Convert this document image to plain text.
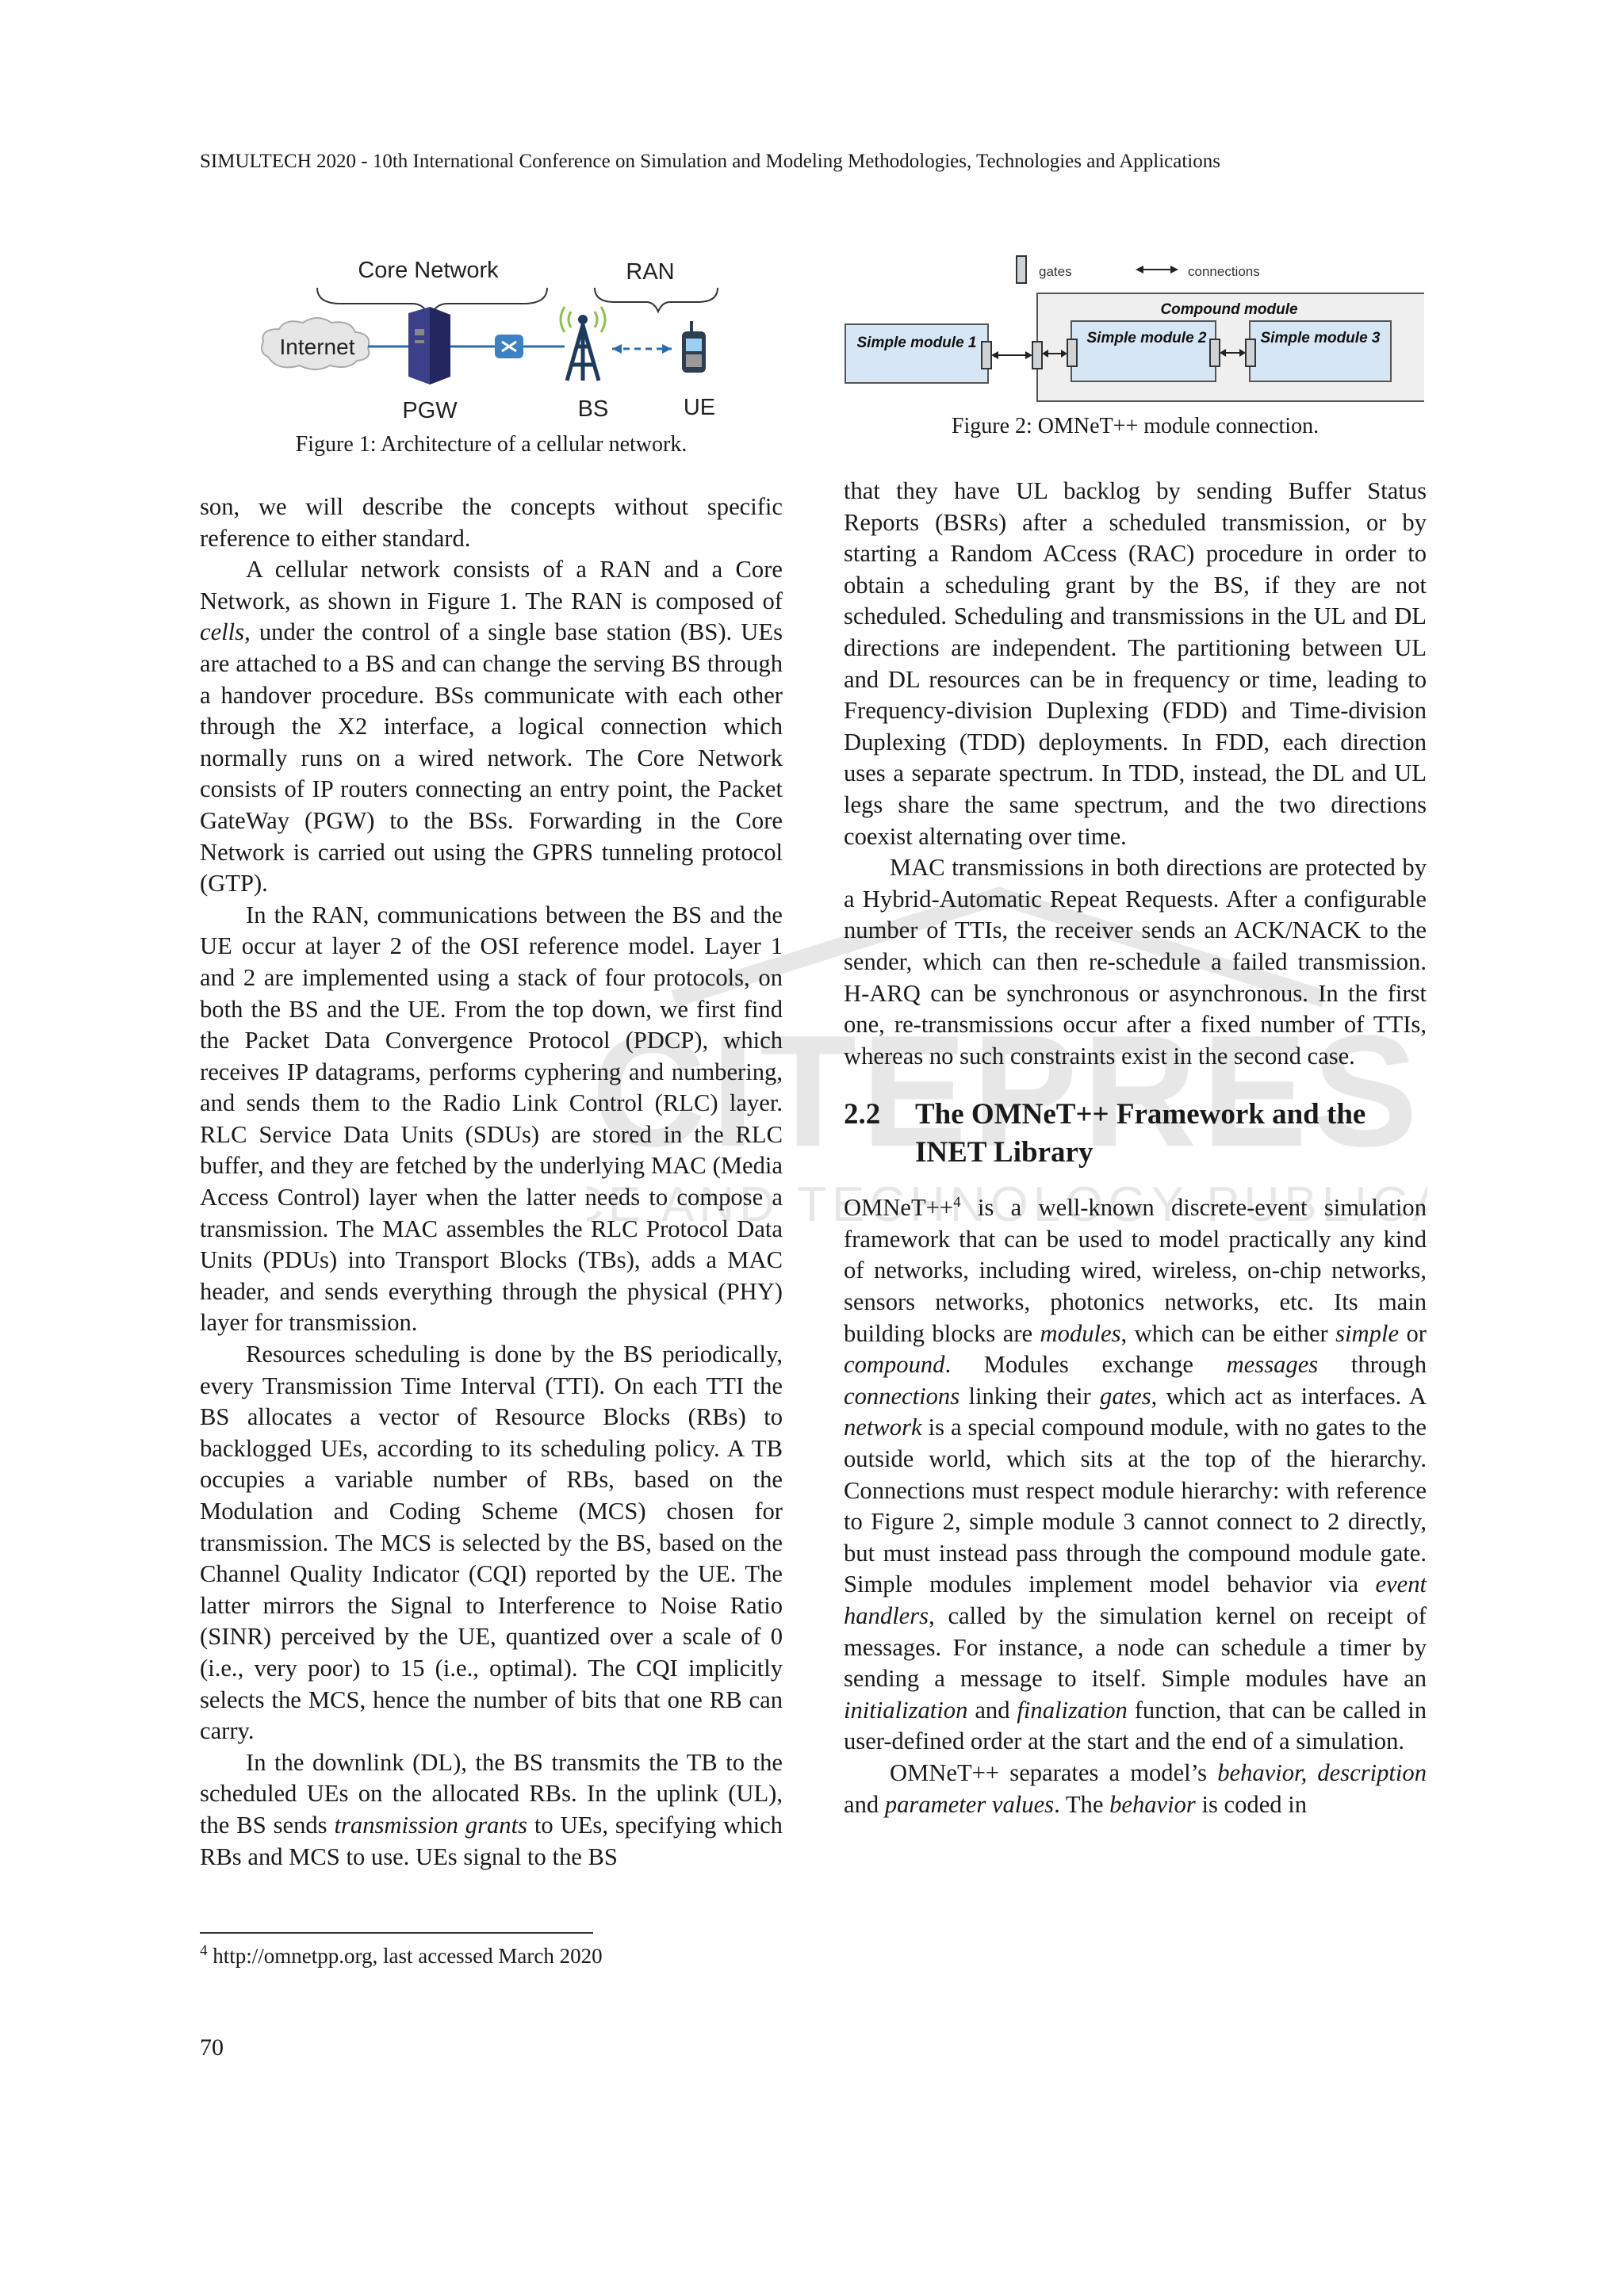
SIMULTECH 2020 - 10th International Conference on Simulation and Modeling Methodologies, Technologies and Applications
CITEPRES
E AND TECHNOLOGY PUBLIC
Core Network	RAN
Internet
PGW	BS	UE
Figure 1: Architecture of a cellular network.
gates	connections
Compound module
Simple module 1	Simple module 2	Simple module 3
Figure 2: OMNeT++ module connection.

son, we will describe the concepts without specific reference to either standard.

A cellular network consists of a RAN and a Core Network, as shown in Figure 1. The RAN is composed of cells, under the control of a single base station (BS). UEs are attached to a BS and can change the serving BS through a handover procedure. BSs communicate with each other through the X2 interface, a logical connection which normally runs on a wired network. The Core Network consists of IP routers connecting an entry point, the Packet GateWay (PGW) to the BSs. Forwarding in the Core Network is carried out using the GPRS tunneling protocol (GTP).

In the RAN, communications between the BS and the UE occur at layer 2 of the OSI reference model. Layer 1 and 2 are implemented using a stack of four protocols, on both the BS and the UE. From the top down, we first find the Packet Data Convergence Protocol (PDCP), which receives IP datagrams, performs cyphering and numbering, and sends them to the Radio Link Control (RLC) layer. RLC Service Data Units (SDUs) are stored in the RLC buffer, and they are fetched by the underlying MAC (Media Access Control) layer when the latter needs to compose a transmission. The MAC assembles the RLC Protocol Data Units (PDUs) into Transport Blocks (TBs), adds a MAC header, and sends everything through the physical (PHY) layer for transmission.

Resources scheduling is done by the BS periodically, every Transmission Time Interval (TTI). On each TTI the BS allocates a vector of Resource Blocks (RBs) to backlogged UEs, according to its scheduling policy. A TB occupies a variable number of RBs, based on the Modulation and Coding Scheme (MCS) chosen for transmission. The MCS is selected by the BS, based on the Channel Quality Indicator (CQI) reported by the UE. The latter mirrors the Signal to Interference to Noise Ratio (SINR) perceived by the UE, quantized over a scale of 0 (i.e., very poor) to 15 (i.e., optimal). The CQI implicitly selects the MCS, hence the number of bits that one RB can carry.

In the downlink (DL), the BS transmits the TB to the scheduled UEs on the allocated RBs. In the uplink (UL), the BS sends transmission grants to UEs, specifying which RBs and MCS to use. UEs signal to the BS

that they have UL backlog by sending Buffer Status Reports (BSRs) after a scheduled transmission, or by starting a Random ACcess (RAC) procedure in order to obtain a scheduling grant by the BS, if they are not scheduled. Scheduling and transmissions in the UL and DL directions are independent. The partitioning between UL and DL resources can be in frequency or time, leading to Frequency-division Duplexing (FDD) and Time-division Duplexing (TDD) deployments. In FDD, each direction uses a separate spectrum. In TDD, instead, the DL and UL legs share the same spectrum, and the two directions coexist alternating over time.

MAC transmissions in both directions are protected by a Hybrid-Automatic Repeat Requests. After a configurable number of TTIs, the receiver sends an ACK/NACK to the sender, which can then re-schedule a failed transmission. H-ARQ can be synchronous or asynchronous. In the first one, re-transmissions occur after a fixed number of TTIs, whereas no such constraints exist in the second case.

2.2 The OMNeT++ Framework and the INET Library

OMNeT++$^4$ is a well-known discrete-event simulation framework that can be used to model practically any kind of networks, including wired, wireless, on-chip networks, sensors networks, photonics networks, etc. Its main building blocks are modules, which can be either simple or compound. Modules exchange messages through connections linking their gates, which act as interfaces. A network is a special compound module, with no gates to the outside world, which sits at the top of the hierarchy. Connections must respect module hierarchy: with reference to Figure 2, simple module 3 cannot connect to 2 directly, but must instead pass through the compound module gate. Simple modules implement model behavior via event handlers, called by the simulation kernel on receipt of messages. For instance, a node can schedule a timer by sending a message to itself. Simple modules have an initialization and finalization function, that can be called in user-defined order at the start and the end of a simulation.

OMNeT++ separates a model’s behavior, description and parameter values. The behavior is coded in

$^4$ http://omnetpp.org, last accessed March 2020
70
